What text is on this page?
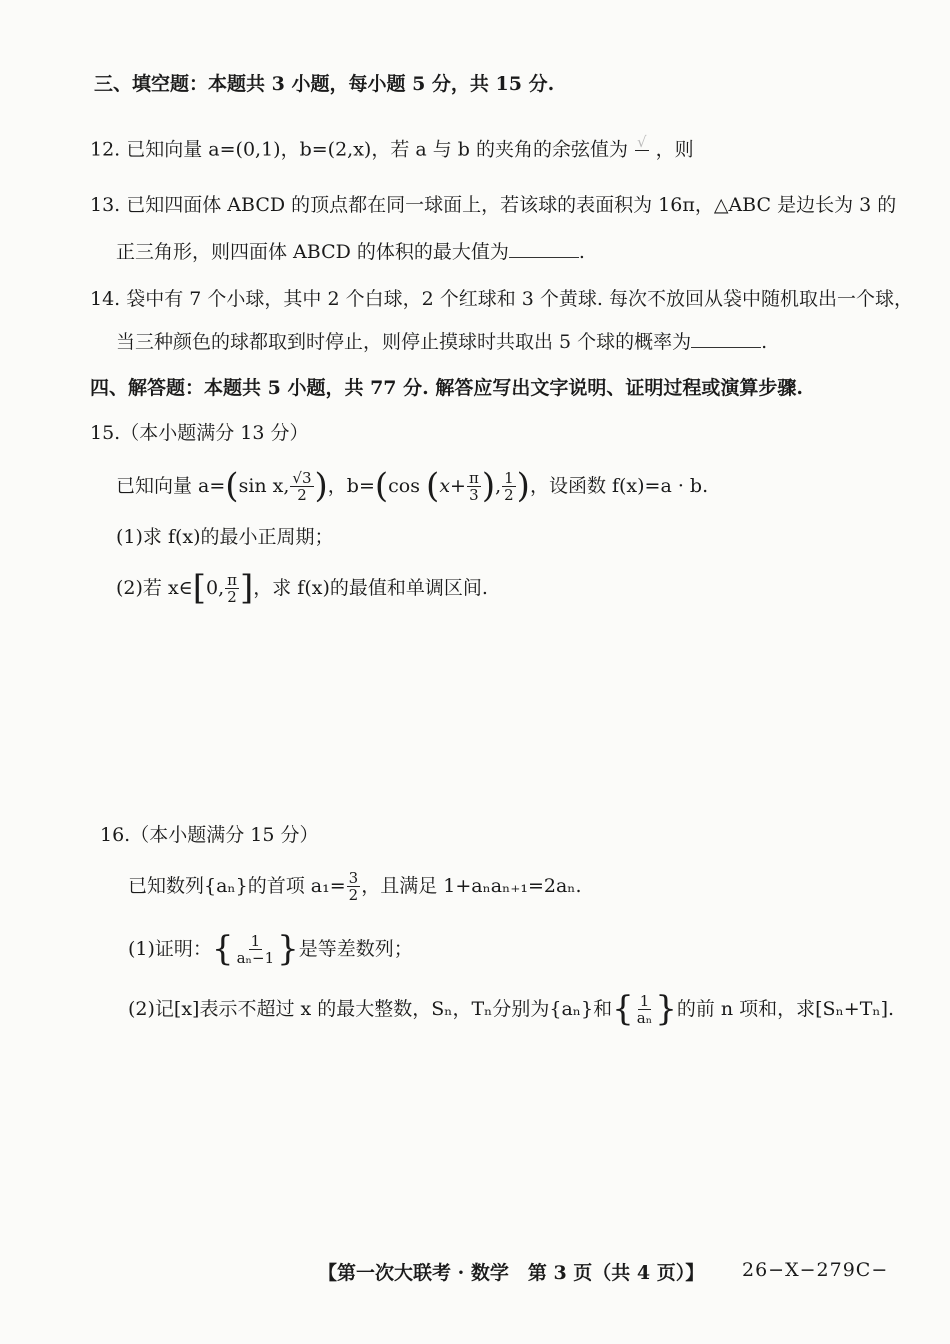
三、填空题：本题共 3 小题，每小题 5 分，共 15 分.
12. 已知向量 a=(0,1)，b=(2,x)，若 a 与 b 的夹角的余弦值为 √
，则
13. 已知四面体 ABCD 的顶点都在同一球面上，若该球的表面积为 16π，△ABC 是边长为 3 的
正三角形，则四面体 ABCD 的体积的最大值为	.
14. 袋中有 7 个小球，其中 2 个白球，2 个红球和 3 个黄球. 每次不放回从袋中随机取出一个球，
当三种颜色的球都取到时停止，则停止摸球时共取出 5 个球的概率为	.
四、解答题：本题共 5 小题，共 77 分. 解答应写出文字说明、证明过程或演算步骤.
15.（本小题满分 13 分）
已知向量 a= ( sin x, $\frac{√3}{2}$ ) ，b= ( cos
( $x+ \frac{\pi}{3}$ ) , $\frac{1}{2}$ ) ，设函数 f(x)=a · b.
(1)求 f(x)的最小正周期；
(2)若 x∈ [ 0, $\frac{\pi}{2}$ ] ，求 f(x)的最值和单调区间.
16.（本小题满分 15 分）
已知数列{aₙ}的首项 $a_1= \frac{3}{2}$ ，且满足 1+aₙaₙ₊₁=2aₙ.
(1)证明： { $\frac{1}{\text{aₙ−1}}$ } 是等差数列；
(2)记[x]表示不超过 x 的最大整数，Sₙ，Tₙ分别为{aₙ}和 { $\frac{1}{\text{aₙ}}$ } 的前 n 项和，求[Sₙ+Tₙ].
【第一次大联考 · 数学　第 3 页（共 4 页）】 26−X−279C−
